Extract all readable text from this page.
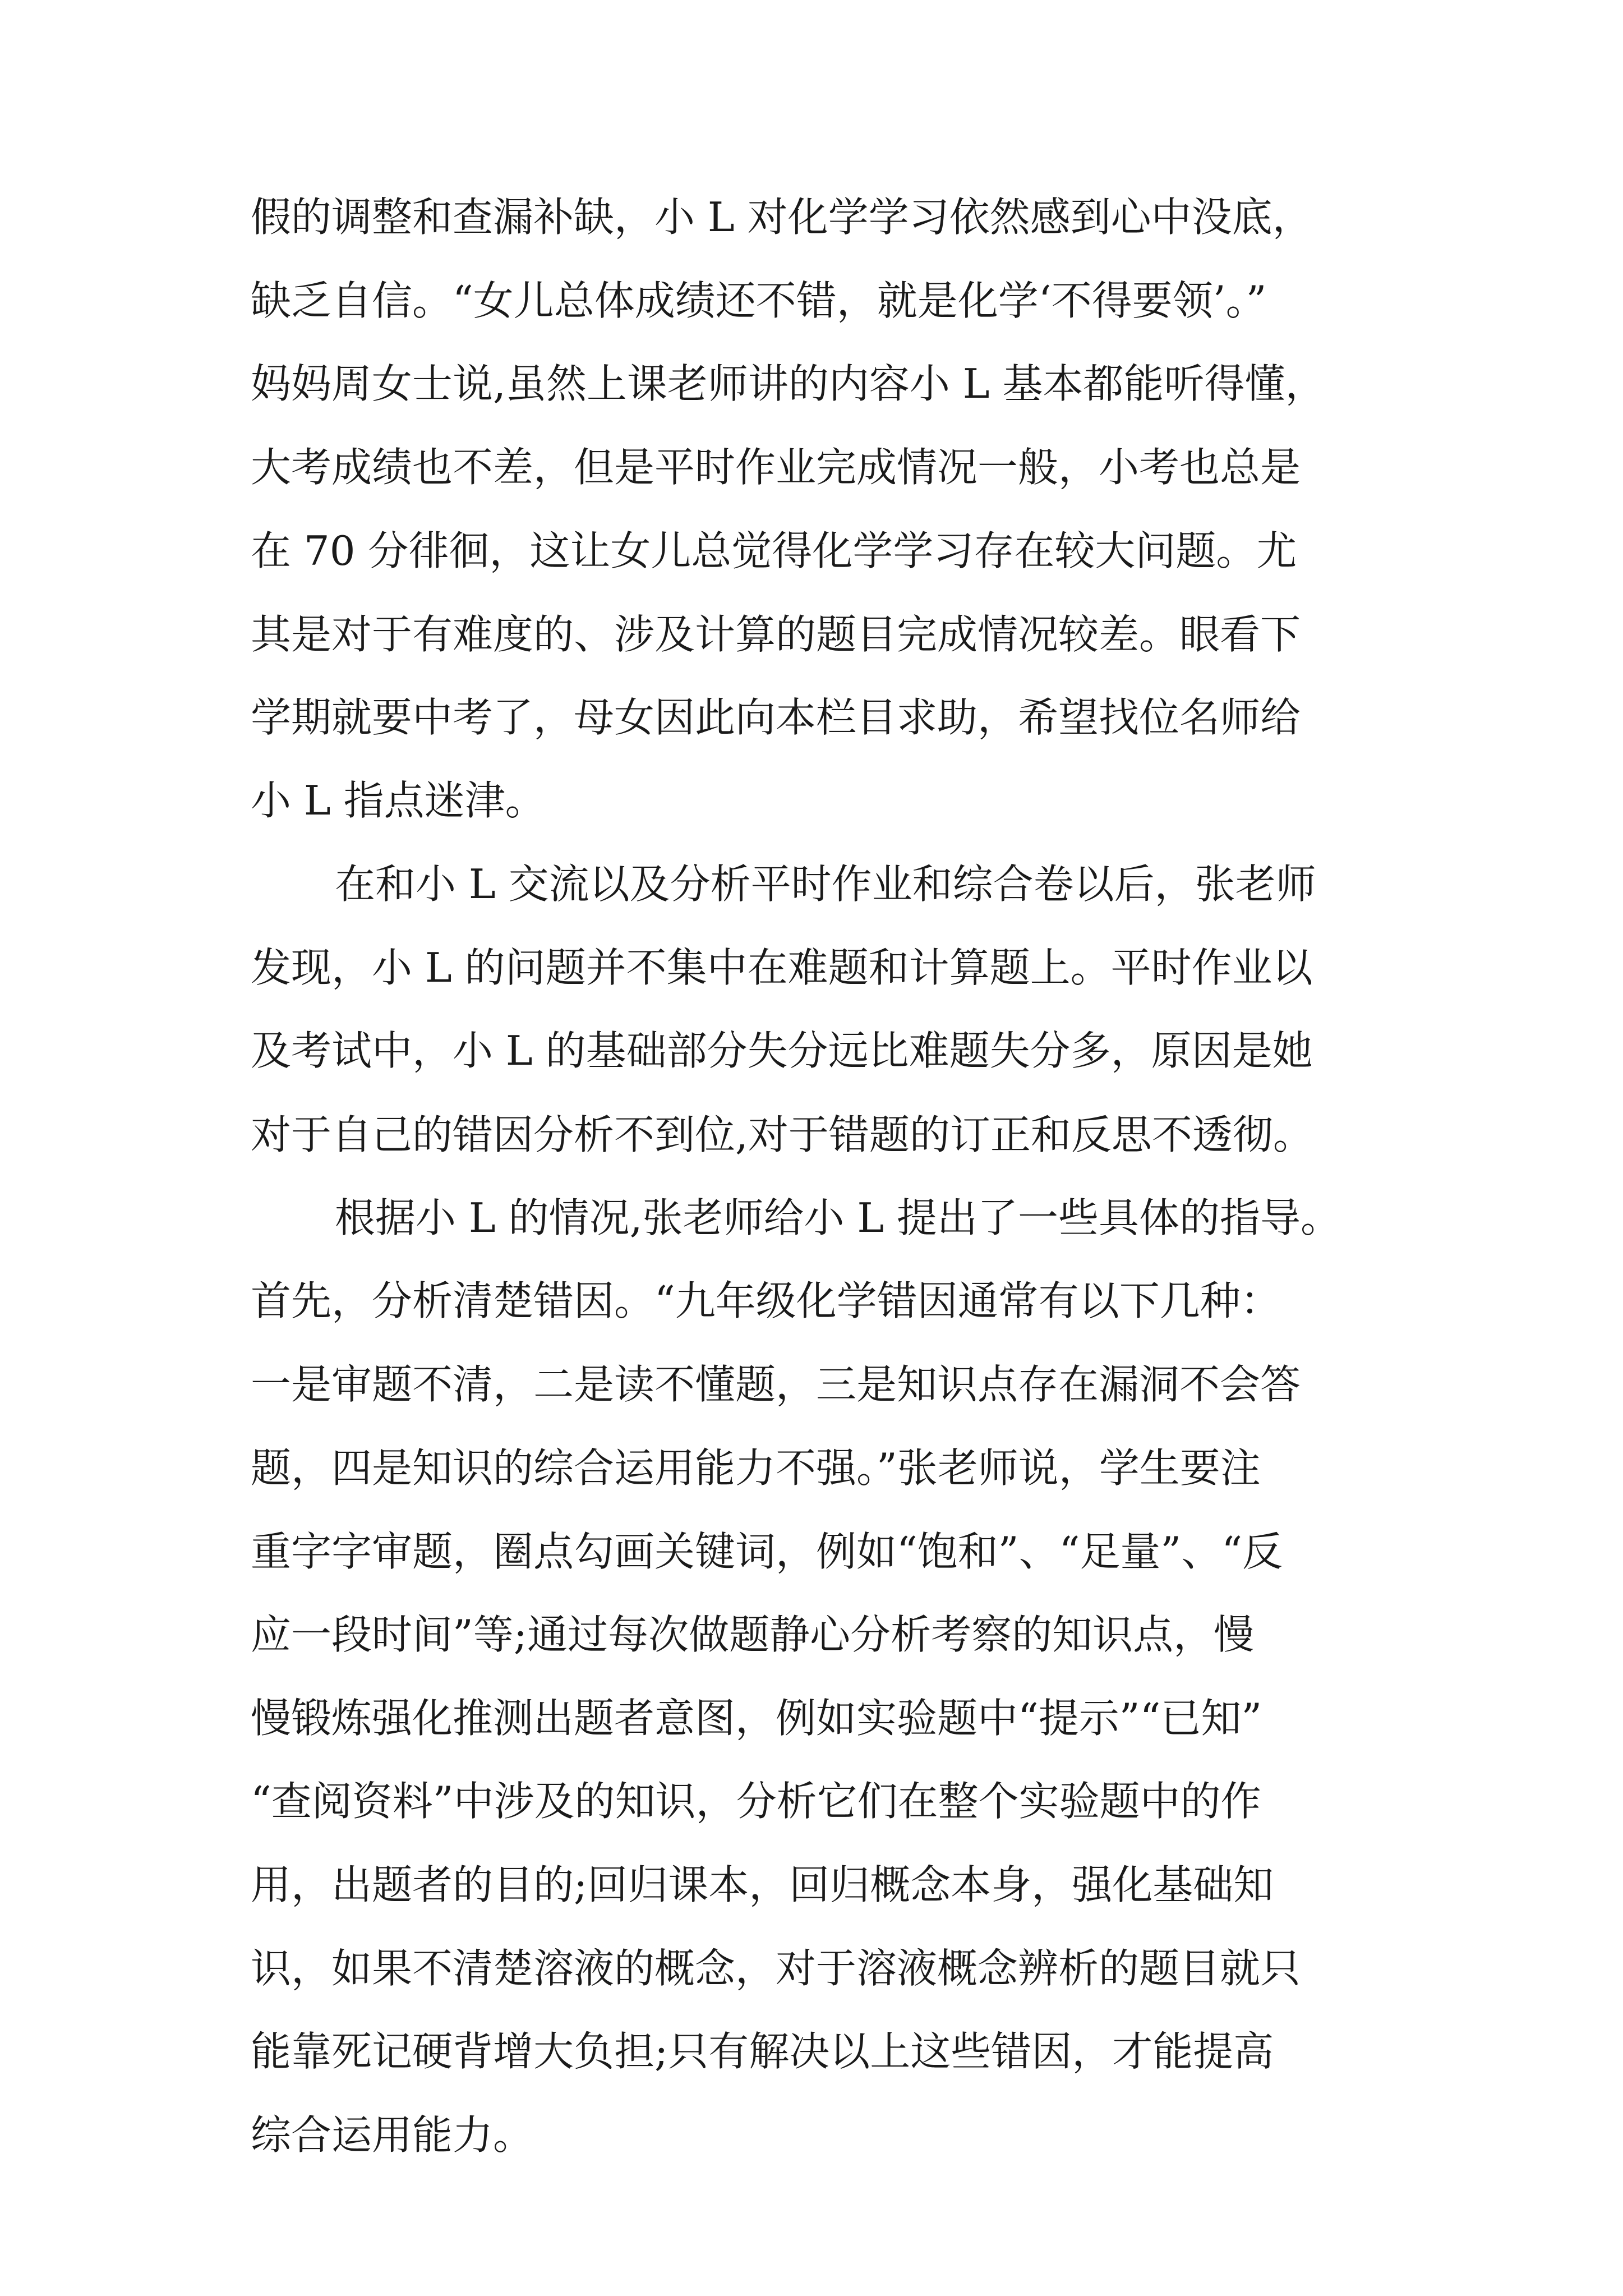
假的调整和查漏补缺，小 L 对化学学习依然感到心中没底，
缺乏自信。“女儿总体成绩还不错，就是化学‘不得要领’。”
妈妈周女士说,虽然上课老师讲的内容小 L 基本都能听得懂，
大考成绩也不差，但是平时作业完成情况一般，小考也总是
在 70 分徘徊，这让女儿总觉得化学学习存在较大问题。尤
其是对于有难度的、涉及计算的题目完成情况较差。眼看下
学期就要中考了，母女因此向本栏目求助，希望找位名师给
小 L 指点迷津。
在和小 L 交流以及分析平时作业和综合卷以后，张老师
发现，小 L 的问题并不集中在难题和计算题上。平时作业以
及考试中，小 L 的基础部分失分远比难题失分多，原因是她
对于自己的错因分析不到位,对于错题的订正和反思不透彻。
根据小 L 的情况,张老师给小 L 提出了一些具体的指导。
首先，分析清楚错因。“九年级化学错因通常有以下几种：
一是审题不清，二是读不懂题，三是知识点存在漏洞不会答
题，四是知识的综合运用能力不强。”张老师说，学生要注
重字字审题，圈点勾画关键词，例如“饱和”、“足量”、“反
应一段时间”等;通过每次做题静心分析考察的知识点，慢
慢锻炼强化推测出题者意图，例如实验题中“提示”“已知”
“查阅资料”中涉及的知识，分析它们在整个实验题中的作
用，出题者的目的;回归课本，回归概念本身，强化基础知
识，如果不清楚溶液的概念，对于溶液概念辨析的题目就只
能靠死记硬背增大负担;只有解决以上这些错因，才能提高
综合运用能力。
